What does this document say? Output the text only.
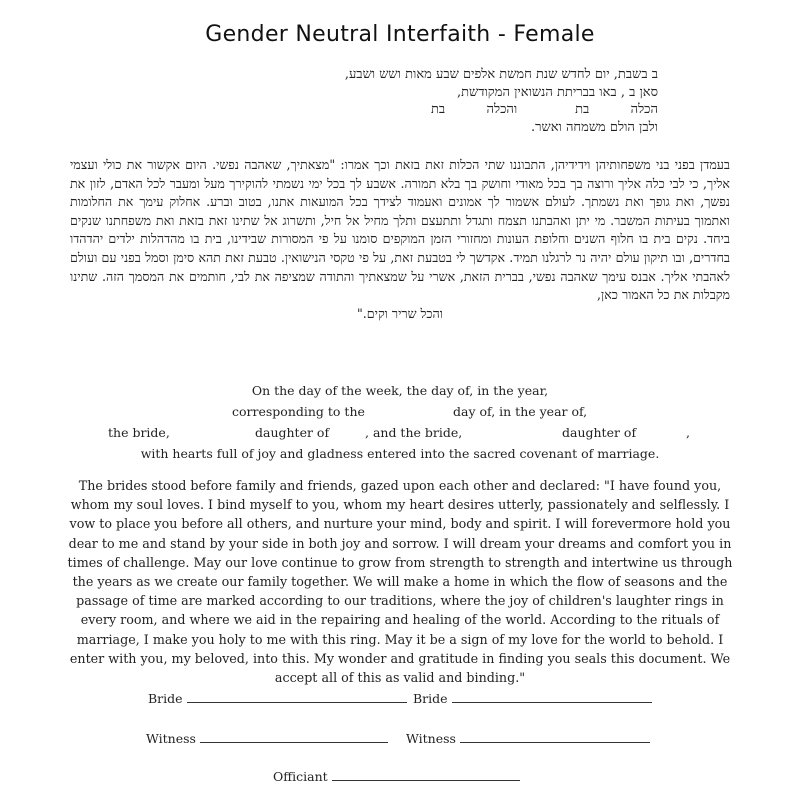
Gender Neutral Interfaith - Female
ב בשבת, יום לחדש שנת חמשת אלפים שבע מאות ושש ושבע,
סאן ב , באו בבריתת הנשואין המקודשת,
הכלה          בת              והכלה          בת
ולבן הולם משמחה ואשר.
בעמדן בפני בני משפחותיהן וידידיהן, התבוננו שתי הכלות זאת בזאת וכך אמרו: "מצאתיך, שאהבה נפשי. היום אקשור את כולי ועצמי אליך, כי לבי כלה אליך ורוצה בך בכל מאודי וחושק בך בלא תמורה. אשבע לך בכל ימי נשמתי להוקירך מעל ומעבר לכל האדם, לזון את נפשך, ואת גופך ואת נשמתך. לעולם אשמור לך אמונים ואעמוד לצידך בכל המועאות אתנו, בטוב וברע. אחלוק עימך את החלומות ואתמוך בעיתות המשבר. מי יתן ואהבתנו תצמח ותגדל ותתעצם ותלך מחיל אל חיל, ותשרוג אל שתינו זאת בזאת ואת משפחתנו שנקים ביחד. נקים בית בו חלוף השנים וחלופת העונות ומחזורי הזמן המוקפים סומנו על פי המסורות שבידינו, בית בו מהדהלות ילדים יהדהדו בחדרים, ובו תיקון עולם יהיה נר לרגלנו תמיד. אקדשך לי בטבעת זאת, על פי טקסי הנישואין. טבעת זאת תהא סימן וסמל בפני עם ועולם לאהבתי אליך. אבנס עימך שאהבה נפשי, בברית הזאת, אשרי על שמצאתיך והתודה שמציפה את לבי, חותמים את המסמך הזה. שתינו מקבלות את כל האמור כאן,
והכל שריר וקים."
On the day of the week, the day of, in the year,
corresponding to the	day of, in the year of,
the bride,	daughter of	, and the bride,	daughter of	,
with hearts full of joy and gladness entered into the sacred covenant of marriage.
The brides stood before family and friends, gazed upon each other and declared: "I have found you, whom my soul loves. I bind myself to you, whom my heart desires utterly, passionately and selflessly. I vow to place you before all others, and nurture your mind, body and spirit. I will forevermore hold you dear to me and stand by your side in both joy and sorrow. I will dream your dreams and comfort you in times of challenge. May our love continue to grow from strength to strength and intertwine us through the years as we create our family together. We will make a home in which the flow of seasons and the passage of time are marked according to our traditions, where the joy of children's laughter rings in every room, and where we aid in the repairing and healing of the world. According to the rituals of marriage, I make you holy to me with this ring. May it be a sign of my love for the world to behold. I enter with you, my beloved, into this. My wonder and gratitude in finding you seals this document. We accept all of this as valid and binding."
Bride	Bride
Witness	Witness
Officiant
